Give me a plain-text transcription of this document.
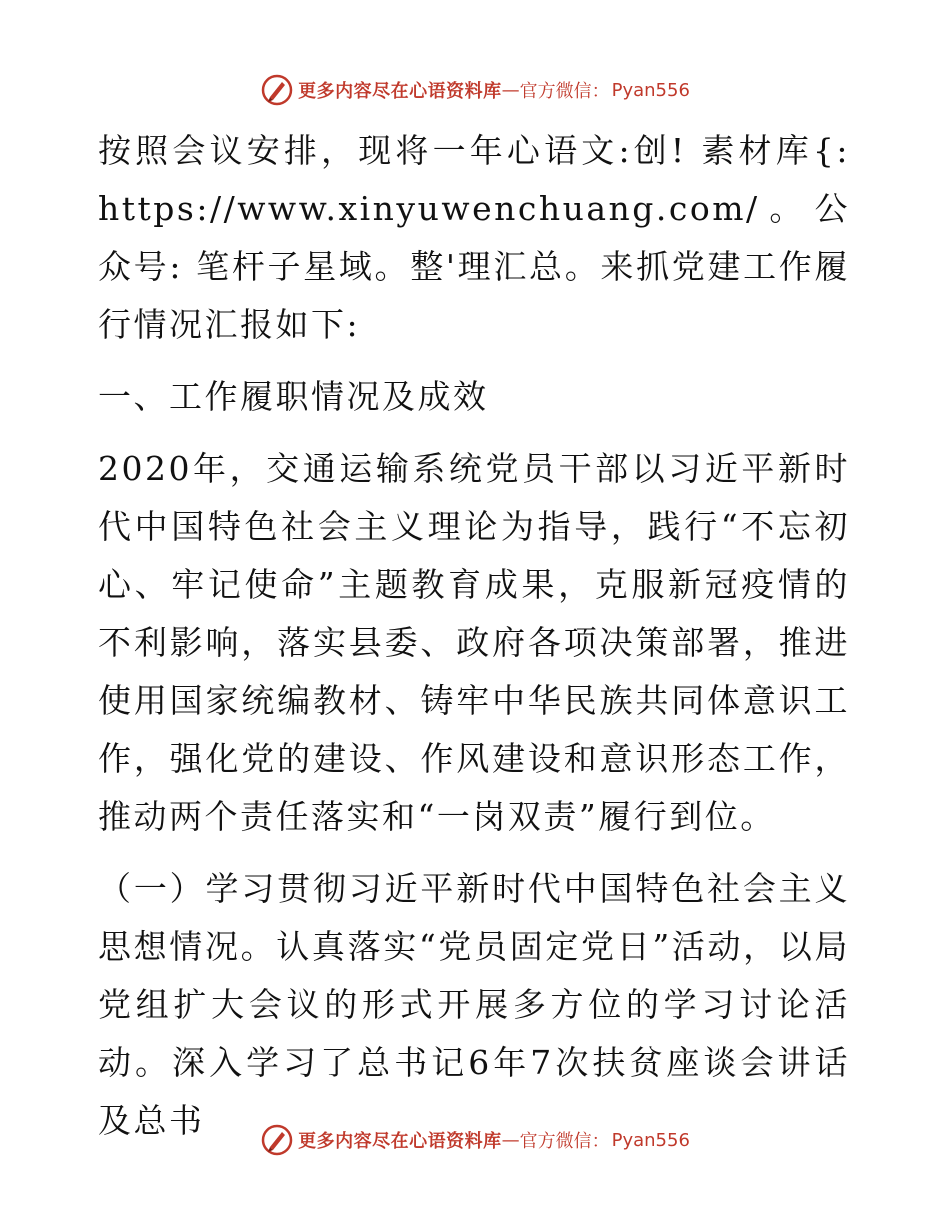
更多内容尽在心语资料库 — 官方微信： Pyan556

按照会议安排，现将一年心语文:创! 素材库{: https://www.xinyuwenchuang.com/。公众号: 笔杆子星域。整'理汇总。来抓党建工作履行情况汇报如下:

一、工作履职情况及成效

2020年，交通运输系统党员干部以习近平新时代中国特色社会主义理论为指导，践行“不忘初心、牢记使命”主题教育成果，克服新冠疫情的不利影响，落实县委、政府各项决策部署，推进使用国家统编教材、铸牢中华民族共同体意识工作，强化党的建设、作风建设和意识形态工作，推动两个责任落实和“一岗双责”履行到位。

（一）学习贯彻习近平新时代中国特色社会主义思想情况。认真落实“党员固定党日”活动，以局党组扩大会议的形式开展多方位的学习讨论活动。深入学习了总书记6年7次扶贫座谈会讲话及总书

更多内容尽在心语资料库 — 官方微信： Pyan556
